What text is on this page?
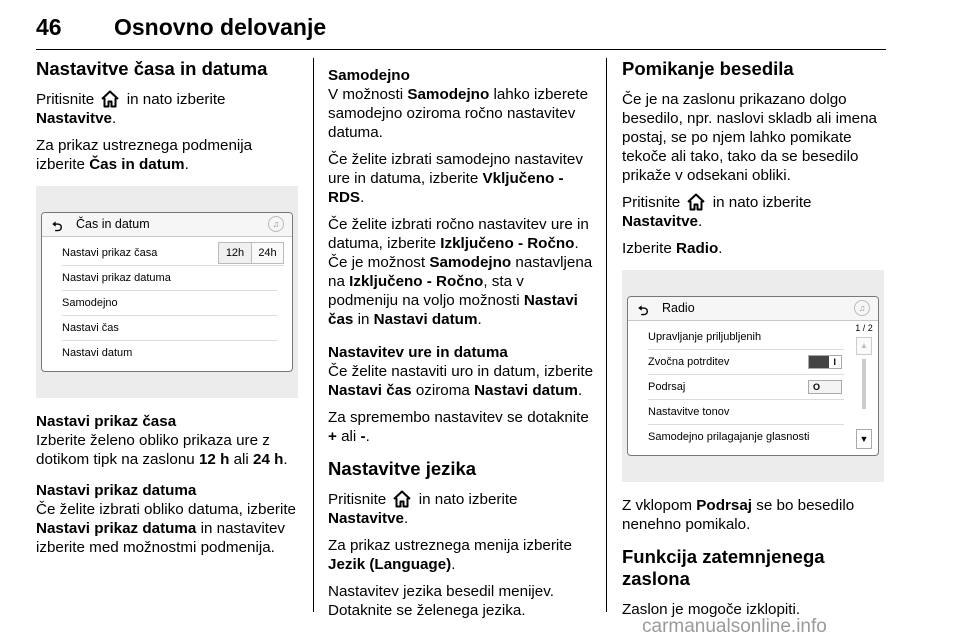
46 Osnovno delovanje
Nastavitve časa in datuma

Pritisnite in nato izberite
Nastavitve.

Za prikaz ustreznega podmenija izberite Čas in datum.

⮌ Čas in datum	♫
Nastavi prikaz časa	12h	24h
Nastavi prikaz datuma
Samodejno
Nastavi čas
Nastavi datum
Nastavi prikaz časa

Izberite želeno obliko prikaza ure z dotikom tipk na zaslonu 12 h ali 24 h.

Nastavi prikaz datuma

Če želite izbrati obliko datuma, izberite Nastavi prikaz datuma in nastavitev izberite med možnostmi podmenija.

Samodejno

V možnosti Samodejno lahko izberete samodejno oziroma ročno nastavitev datuma.

Če želite izbrati samodejno nastavitev ure in datuma, izberite Vključeno - RDS.

Če želite izbrati ročno nastavitev ure in datuma, izberite Izključeno - Ročno. Če je možnost Samodejno nastavljena na Izključeno - Ročno, sta v podmeniju na voljo možnosti Nastavi čas in Nastavi datum.

Nastavitev ure in datuma

Če želite nastaviti uro in datum, izberite Nastavi čas oziroma Nastavi datum.

Za spremembo nastavitev se dotaknite + ali -.

Nastavitve jezika

Pritisnite in nato izberite
Nastavitve.

Za prikaz ustreznega menija izberite Jezik (Language).

Nastavitev jezika besedil menijev. Dotaknite se želenega jezika.

Pomikanje besedila

Če je na zaslonu prikazano dolgo besedilo, npr. naslovi skladb ali imena postaj, se po njem lahko pomikate tekoče ali tako, tako da se besedilo prikaže v odsekani obliki.

Pritisnite in nato izberite
Nastavitve.

Izberite Radio.

⮌ Radio	♫
Upravljanje priljubljenih
Zvočna potrditev	I
Podrsaj	O
Nastavitve tonov
Samodejno prilagajanje glasnosti
1 / 2
▲
▼

Z vklopom Podrsaj se bo besedilo nenehno pomikalo.

Funkcija zatemnjenega zaslona

Zaslon je mogoče izklopiti.

carmanualsonline.info
